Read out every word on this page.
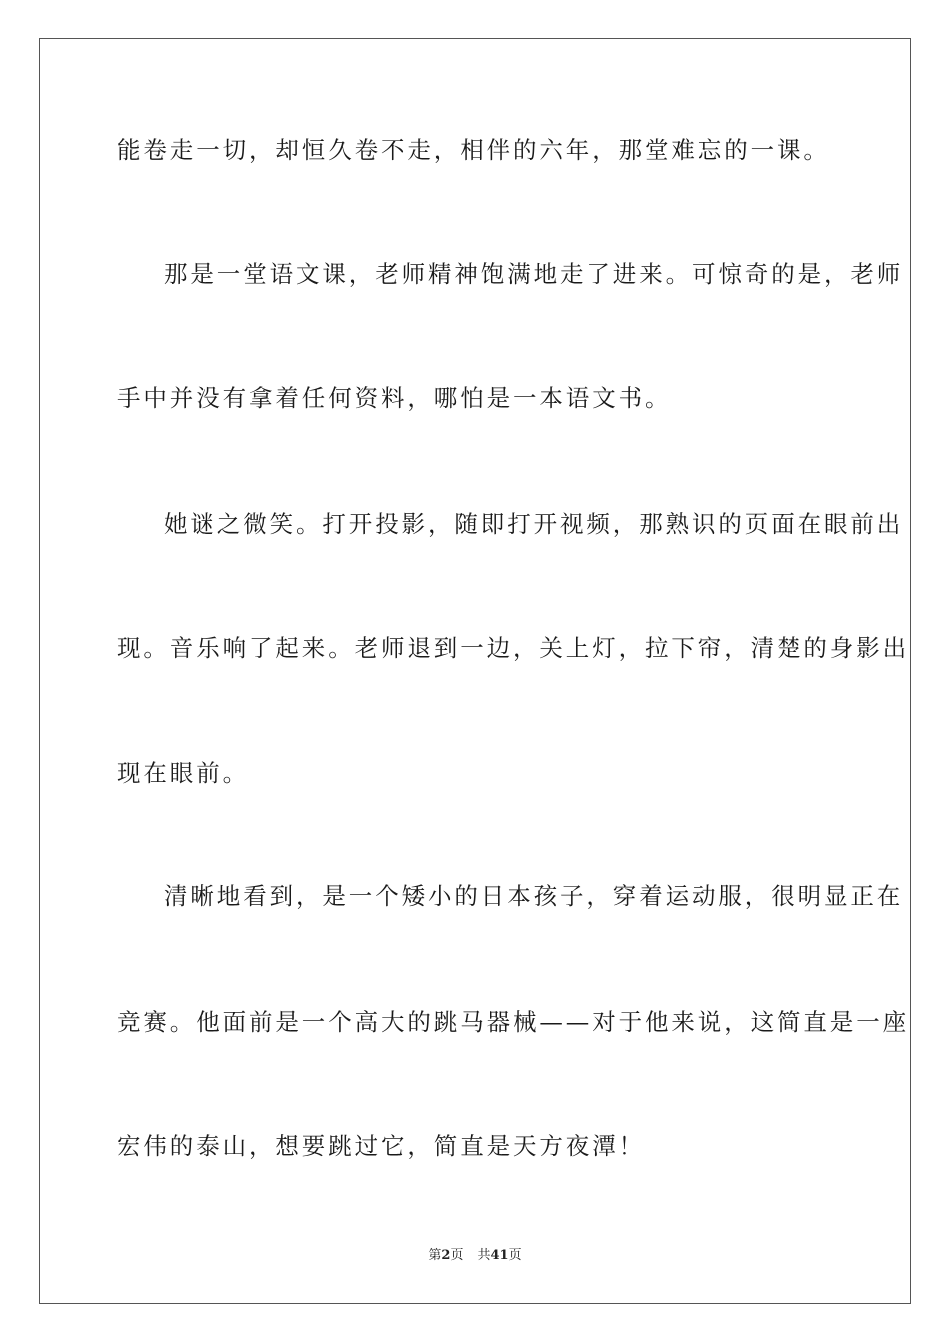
能卷走一切，却恒久卷不走，相伴的六年，那堂难忘的一课。
那是一堂语文课，老师精神饱满地走了进来。可惊奇的是，老师
手中并没有拿着任何资料，哪怕是一本语文书。
她谜之微笑。打开投影，随即打开视频，那熟识的页面在眼前出
现。音乐响了起来。老师退到一边，关上灯，拉下帘，清楚的身影出
现在眼前。
清晰地看到，是一个矮小的日本孩子，穿着运动服，很明显正在
竞赛。他面前是一个高大的跳马器械——对于他来说，这简直是一座
宏伟的泰山，想要跳过它，简直是天方夜潭！
第2页 共41页
